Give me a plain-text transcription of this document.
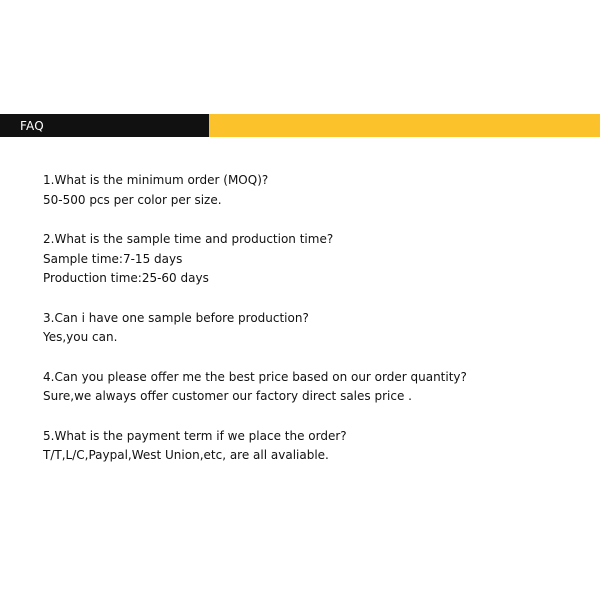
FAQ
1.What is the minimum order (MOQ)?
50-500 pcs per color per size.
2.What is the sample time and production time?
Sample time:7-15 days
Production time:25-60 days
3.Can i have one sample before production?
Yes,you can.
4.Can you please offer me the best price based on our order quantity?
Sure,we always offer customer our factory direct sales price .
5.What is the payment term if we place the order?
T/T,L/C,Paypal,West Union,etc, are all avaliable.
